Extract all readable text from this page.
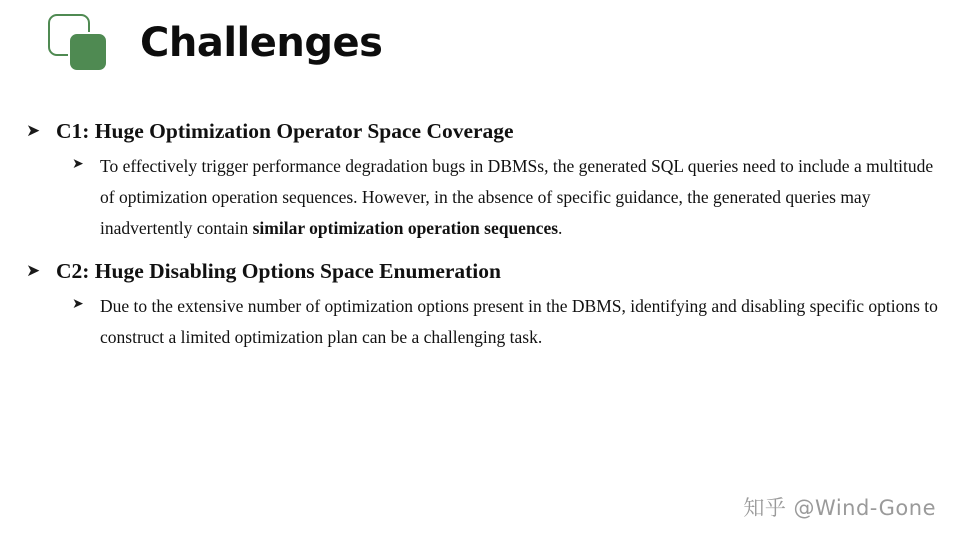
Challenges
➤ C1: Huge Optimization Operator Space Coverage
➤ To effectively trigger performance degradation bugs in DBMSs, the generated SQL queries need to include a multitude of optimization operation sequences. However, in the absence of specific guidance, the generated queries may inadvertently contain similar optimization operation sequences.
➤ C2: Huge Disabling Options Space Enumeration
➤ Due to the extensive number of optimization options present in the DBMS, identifying and disabling specific options to construct a limited optimization plan can be a challenging task.
知乎 @Wind-Gone
